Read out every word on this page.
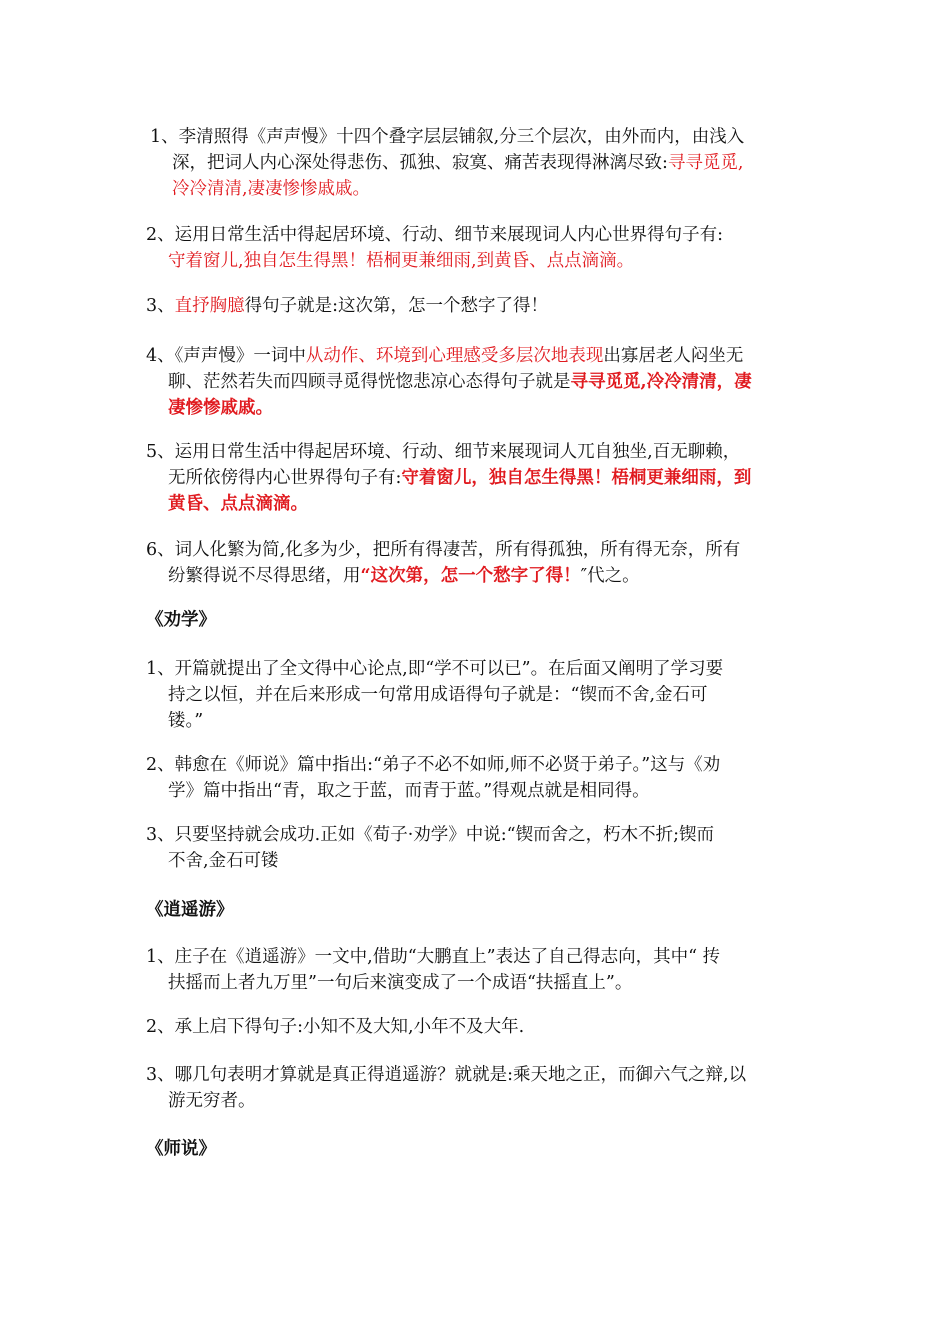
1、李清照得《声声慢》十四个叠字层层铺叙,分三个层次，由外而内，由浅入
深，把词人内心深处得悲伤、孤独、寂寞、痛苦表现得淋漓尽致:寻寻觅觅,
冷冷清清,凄凄惨惨戚戚。
2、运用日常生活中得起居环境、行动、细节来展现词人内心世界得句子有:
守着窗儿,独自怎生得黑！梧桐更兼细雨,到黄昏、点点滴滴。
3、直抒胸臆得句子就是:这次第，怎一个愁字了得！
4、《声声慢》一词中从动作、环境到心理感受多层次地表现出寡居老人闷坐无
聊、茫然若失而四顾寻觅得恍惚悲凉心态得句子就是寻寻觅觅,冷冷清清，凄
凄惨惨戚戚。
5、运用日常生活中得起居环境、行动、细节来展现词人兀自独坐,百无聊赖，
无所依傍得内心世界得句子有:守着窗儿，独自怎生得黑！梧桐更兼细雨，到
黄昏、点点滴滴。
6、词人化繁为简,化多为少，把所有得凄苦，所有得孤独，所有得无奈，所有
纷繁得说不尽得思绪，用“这次第，怎一个愁字了得！″代之。
《劝学》
1、开篇就提出了全文得中心论点,即“学不可以已”。在后面又阐明了学习要
持之以恒，并在后来形成一句常用成语得句子就是：“锲而不舍,金石可
镂。”
2、韩愈在《师说》篇中指出:“弟子不必不如师,师不必贤于弟子。”这与《劝
学》篇中指出“青，取之于蓝，而青于蓝。”得观点就是相同得。
3、只要坚持就会成功.正如《荀子·劝学》中说:“锲而舍之，朽木不折;锲而
不舍,金石可镂
《逍遥游》
1、庄子在《逍遥游》一文中,借助“大鹏直上”表达了自己得志向，其中“ 抟
扶摇而上者九万里”一句后来演变成了一个成语“扶摇直上”。
2、承上启下得句子:小知不及大知,小年不及大年.
3、哪几句表明才算就是真正得逍遥游？就就是:乘天地之正，而御六气之辩,以
游无穷者。
《师说》
